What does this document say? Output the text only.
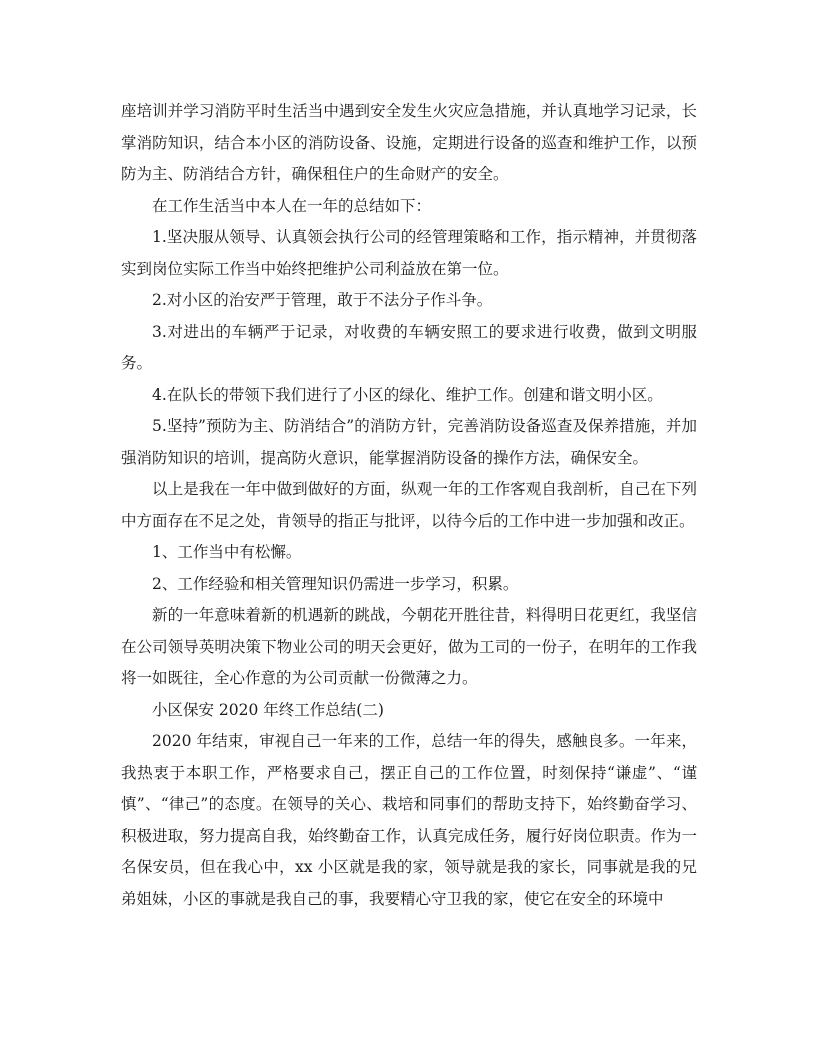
座培训并学习消防平时生活当中遇到安全发生火灾应急措施，并认真地学习记录，长掌消防知识，结合本小区的消防设备、设施，定期进行设备的巡查和维护工作，以预防为主、防消结合方针，确保租住户的生命财产的安全。

在工作生活当中本人在一年的总结如下：

1.坚决服从领导、认真领会执行公司的经管理策略和工作，指示精神，并贯彻落实到岗位实际工作当中始终把维护公司利益放在第一位。

2.对小区的治安严于管理，敢于不法分子作斗争。

3.对进出的车辆严于记录，对收费的车辆安照工的要求进行收费，做到文明服务。

4.在队长的带领下我们进行了小区的绿化、维护工作。创建和谐文明小区。

5.坚持”预防为主、防消结合”的消防方针，完善消防设备巡查及保养措施，并加强消防知识的培训，提高防火意识，能掌握消防设备的操作方法，确保安全。

以上是我在一年中做到做好的方面，纵观一年的工作客观自我剖析，自己在下列中方面存在不足之处，肯领导的指正与批评，以待今后的工作中进一步加强和改正。

1、工作当中有松懈。

2、工作经验和相关管理知识仍需进一步学习，积累。

新的一年意味着新的机遇新的跳战，今朝花开胜往昔，料得明日花更红，我坚信在公司领导英明决策下物业公司的明天会更好，做为工司的一份子，在明年的工作我将一如既往，全心作意的为公司贡献一份微薄之力。

小区保安 2020 年终工作总结(二)

2020 年结束，审视自己一年来的工作，总结一年的得失，感触良多。一年来，我热衷于本职工作，严格要求自己，摆正自己的工作位置，时刻保持“谦虚”、“谨慎”、“律己”的态度。在领导的关心、栽培和同事们的帮助支持下，始终勤奋学习、积极进取，努力提高自我，始终勤奋工作，认真完成任务，履行好岗位职责。作为一名保安员，但在我心中，xx 小区就是我的家，领导就是我的家长，同事就是我的兄弟姐妹，小区的事就是我自己的事，我要精心守卫我的家，使它在安全的环境中
